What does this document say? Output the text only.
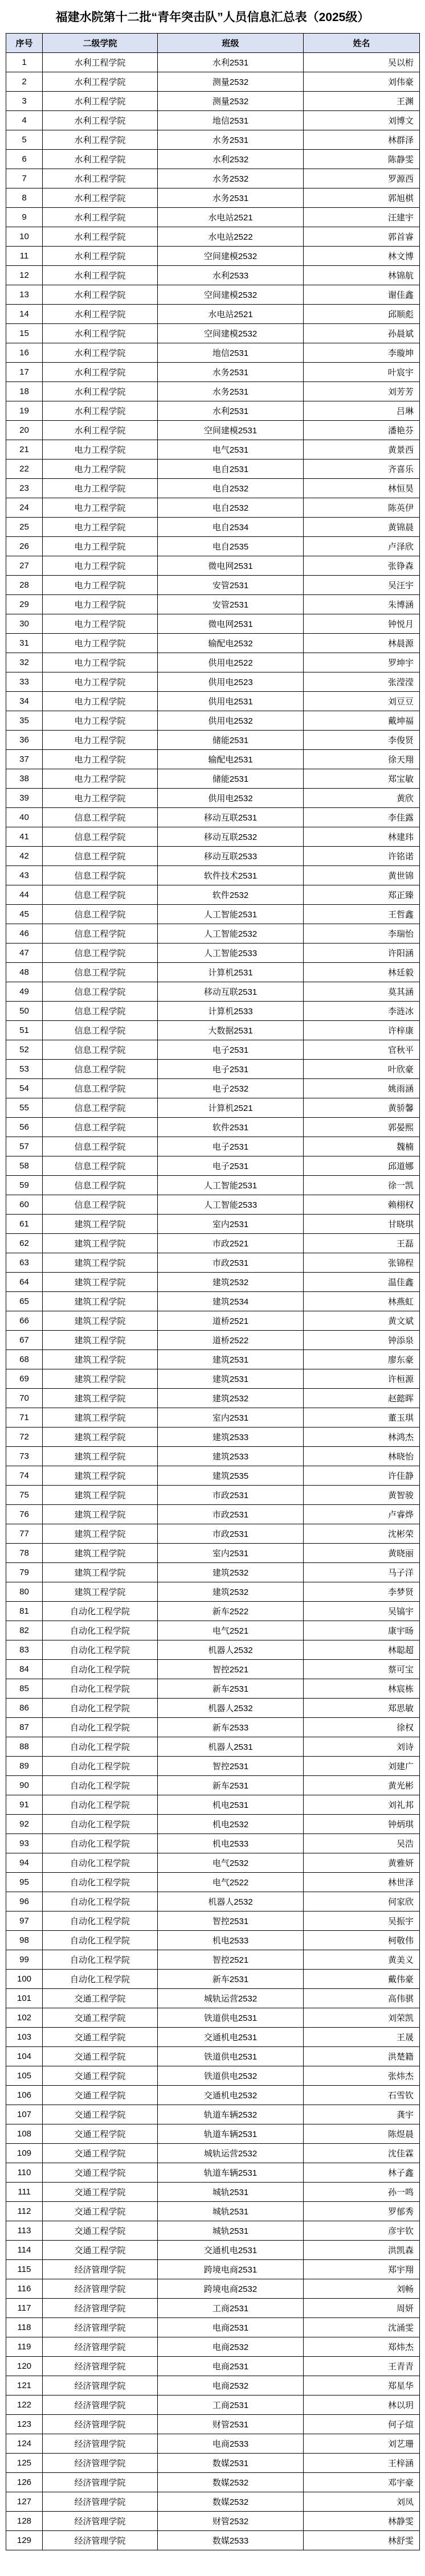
福建水院第十二批“青年突击队”人员信息汇总表（2025级）
序号	二级学院	班级	姓名
1	水利工程学院	水利2531	吴以桁
2	水利工程学院	测量2532	刘伟豪
3	水利工程学院	测量2532	王渊
4	水利工程学院	地信2531	刘博文
5	水利工程学院	水务2531	林群泽
6	水利工程学院	水利2532	陈静雯
7	水利工程学院	水务2532	罗源西
8	水利工程学院	水务2531	郭旭棋
9	水利工程学院	水电站2521	汪建宇
10	水利工程学院	水电站2522	郭首睿
11	水利工程学院	空间建模2532	林文博
12	水利工程学院	水利2533	林锦航
13	水利工程学院	空间建模2532	谢佳鑫
14	水利工程学院	水电站2521	邱顺彪
15	水利工程学院	空间建模2532	孙晨斌
16	水利工程学院	地信2531	李璇坤
17	水利工程学院	水务2531	叶宸宇
18	水利工程学院	水务2531	刘芳芳
19	水利工程学院	水利2531	吕琳
20	水利工程学院	空间建模2531	潘艳芬
21	电力工程学院	电气2531	黄景西
22	电力工程学院	电自2531	齐喜乐
23	电力工程学院	电自2532	林恒昊
24	电力工程学院	电自2532	陈英伊
25	电力工程学院	电自2534	黄锦晨
26	电力工程学院	电自2535	卢泽欣
27	电力工程学院	微电网2531	张铮森
28	电力工程学院	安管2531	吴汪宇
29	电力工程学院	安管2531	朱博涵
30	电力工程学院	微电网2531	钟悦月
31	电力工程学院	输配电2532	林晨源
32	电力工程学院	供用电2522	罗坤宇
33	电力工程学院	供用电2523	张滢滢
34	电力工程学院	供用电2531	刘豆豆
35	电力工程学院	供用电2532	戴坤福
36	电力工程学院	储能2531	李俊贤
37	电力工程学院	输配电2531	徐天翔
38	电力工程学院	储能2531	郑宝敏
39	电力工程学院	供用电2532	黄欣
40	信息工程学院	移动互联2531	李佳露
41	信息工程学院	移动互联2532	林建玮
42	信息工程学院	移动互联2533	许铭诺
43	信息工程学院	软件技术2531	黄世锦
44	信息工程学院	软件2532	郑正臻
45	信息工程学院	人工智能2531	王哲鑫
46	信息工程学院	人工智能2532	李瑞怡
47	信息工程学院	人工智能2533	许阳涵
48	信息工程学院	计算机2531	林廷毅
49	信息工程学院	移动互联2531	莫其涵
50	信息工程学院	计算机2533	李涟冰
51	信息工程学院	大数据2531	许梓康
52	信息工程学院	电子2531	官秋平
53	信息工程学院	电子2531	叶欣豪
54	信息工程学院	电子2532	姚雨涵
55	信息工程学院	计算机2521	黄骄馨
56	信息工程学院	软件2531	郭晏熙
57	信息工程学院	电子2531	魏楠
58	信息工程学院	电子2531	邱道娜
59	信息工程学院	人工智能2531	徐一凯
60	信息工程学院	人工智能2533	赖栩权
61	建筑工程学院	室内2531	甘晓琪
62	建筑工程学院	市政2521	王磊
63	建筑工程学院	市政2531	张锦程
64	建筑工程学院	建筑2532	温佳鑫
65	建筑工程学院	建筑2534	林燕虹
66	建筑工程学院	道桥2521	黄文斌
67	建筑工程学院	道桥2522	钟添泉
68	建筑工程学院	建筑2531	廖东豪
69	建筑工程学院	建筑2531	许桓源
70	建筑工程学院	建筑2532	赵懿晖
71	建筑工程学院	室内2531	董玉琪
72	建筑工程学院	建筑2533	林鸿杰
73	建筑工程学院	建筑2533	林晓怡
74	建筑工程学院	建筑2535	许佳静
75	建筑工程学院	市政2531	黄智骏
76	建筑工程学院	市政2531	卢睿烨
77	建筑工程学院	市政2531	沈彬荣
78	建筑工程学院	室内2531	黄晓丽
79	建筑工程学院	建筑2532	马子洋
80	建筑工程学院	建筑2532	李梦贤
81	自动化工程学院	新车2522	吴镐宇
82	自动化工程学院	电气2521	康宇旸
83	自动化工程学院	机器人2532	林聪超
84	自动化工程学院	智控2521	蔡可宝
85	自动化工程学院	新车2531	林宸栋
86	自动化工程学院	机器人2532	郑思敏
87	自动化工程学院	新车2533	徐权
88	自动化工程学院	机器人2531	刘诗
89	自动化工程学院	智控2531	刘建广
90	自动化工程学院	新车2531	黄光彬
91	自动化工程学院	机电2531	刘礼邦
92	自动化工程学院	机电2532	钟炳琪
93	自动化工程学院	机电2533	吴浩
94	自动化工程学院	电气2532	黄雅妍
95	自动化工程学院	电气2522	林世泽
96	自动化工程学院	机器人2532	何家欣
97	自动化工程学院	智控2531	吴振宇
98	自动化工程学院	机电2533	柯敬伟
99	自动化工程学院	智控2521	黄美义
100	自动化工程学院	新车2531	戴伟豪
101	交通工程学院	城轨运营2532	高伟骐
102	交通工程学院	铁道供电2531	刘荣凯
103	交通工程学院	交通机电2531	王晟
104	交通工程学院	铁道供电2531	洪楚籍
105	交通工程学院	铁道供电2532	张炜杰
106	交通工程学院	交通机电2532	石雪钦
107	交通工程学院	轨道车辆2532	龚宇
108	交通工程学院	轨道车辆2531	陈煜晨
109	交通工程学院	城轨运营2532	沈佳霖
110	交通工程学院	轨道车辆2531	林子鑫
111	交通工程学院	城轨2531	孙一鸣
112	交通工程学院	城轨2531	罗郁秀
113	交通工程学院	城轨2531	彦宇钦
114	交通工程学院	交通机电2531	洪凯森
115	经济管理学院	跨境电商2531	郑宇翔
116	经济管理学院	跨境电商2532	刘畅
117	经济管理学院	工商2531	周妍
118	经济管理学院	电商2531	沈涌雯
119	经济管理学院	电商2532	郑炜杰
120	经济管理学院	电商2531	王青青
121	经济管理学院	电商2532	郑星华
122	经济管理学院	工商2531	林以玥
123	经济管理学院	财管2531	何子煊
124	经济管理学院	电商2533	刘艺珊
125	经济管理学院	数媒2531	王梓涵
126	经济管理学院	数媒2532	邓宇豪
127	经济管理学院	数媒2532	刘凤
128	经济管理学院	财管2532	林静雯
129	经济管理学院	数媒2533	林舒雯
